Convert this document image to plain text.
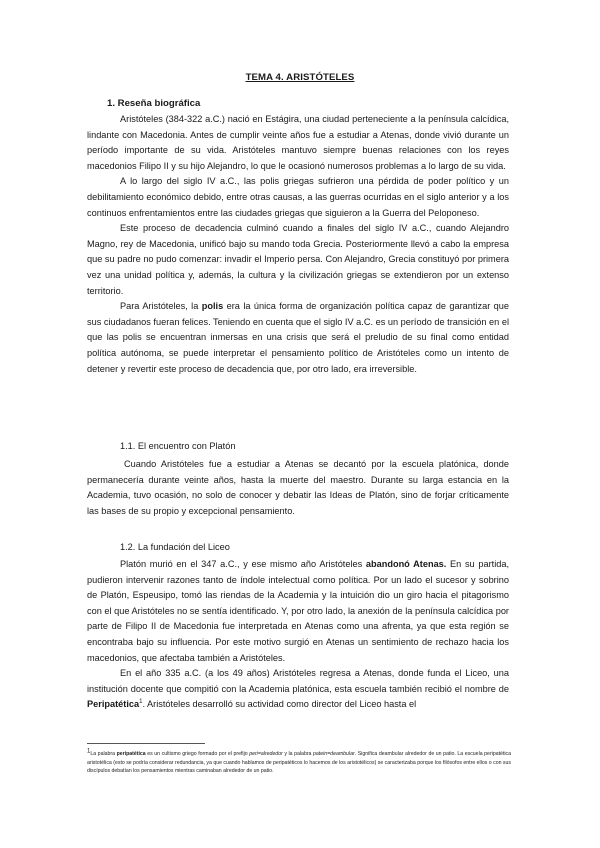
TEMA 4. ARISTÓTELES
1. Reseña biográfica

Aristóteles (384-322 a.C.) nació en Estágira, una ciudad perteneciente a la península calcídica, lindante con Macedonia. Antes de cumplir veinte años fue a estudiar a Atenas, donde vivió durante un período importante de su vida. Aristóteles mantuvo siempre buenas relaciones con los reyes macedonios Filipo II y su hijo Alejandro, lo que le ocasionó numerosos problemas a lo largo de su vida.

A lo largo del siglo IV a.C., las polis griegas sufrieron una pérdida de poder político y un debilitamiento económico debido, entre otras causas, a las guerras ocurridas en el siglo anterior y a los continuos enfrentamientos entre las ciudades griegas que siguieron a la Guerra del Peloponeso.

Este proceso de decadencia culminó cuando a finales del siglo IV a.C., cuando Alejandro Magno, rey de Macedonia, unificó bajo su mando toda Grecia. Posteriormente llevó a cabo la empresa que su padre no pudo comenzar: invadir el Imperio persa. Con Alejandro, Grecia constituyó por primera vez una unidad política y, además, la cultura y la civilización griegas se extendieron por un extenso territorio.

Para Aristóteles, la polis era la única forma de organización política capaz de garantizar que sus ciudadanos fueran felices. Teniendo en cuenta que el siglo IV a.C. es un período de transición en el que las polis se encuentran inmersas en una crisis que será el preludio de su final como entidad política autónoma, se puede interpretar el pensamiento político de Aristóteles como un intento de detener y revertir este proceso de decadencia que, por otro lado, era irreversible.

1.1. El encuentro con Platón

Cuando Aristóteles fue a estudiar a Atenas se decantó por la escuela platónica, donde permanecería durante veinte años, hasta la muerte del maestro. Durante su larga estancia en la Academia, tuvo ocasión, no solo de conocer y debatir las Ideas de Platón, sino de forjar críticamente las bases de su propio y excepcional pensamiento.

1.2. La fundación del Liceo

Platón murió en el 347 a.C., y ese mismo año Aristóteles abandonó Atenas. En su partida, pudieron intervenir razones tanto de índole intelectual como política. Por un lado el sucesor y sobrino de Platón, Espeusipo, tomó las riendas de la Academia y la intuición dio un giro hacia el pitagorismo con el que Aristóteles no se sentía identificado. Y, por otro lado, la anexión de la península calcídica por parte de Filipo II de Macedonia fue interpretada en Atenas como una afrenta, ya que esta región se encontraba bajo su influencia. Por este motivo surgió en Atenas un sentimiento de rechazo hacia los macedonios, que afectaba también a Aristóteles.

En el año 335 a.C. (a los 49 años) Aristóteles regresa a Atenas, donde funda el Liceo, una institución docente que compitió con la Academia platónica, esta escuela también recibió el nombre de Peripatética$^1$. Aristóteles desarrolló su actividad como director del Liceo hasta el

$^1$La palabra peripatética es un cultismo griego formado por el prefijo peri=alrededor y la palabra patein=deambular. Significa deambular alrededor de un patio. La escuela peripatética aristotélica (esto se podría considerar redundancia, ya que cuando hablamos de peripatéticos lo hacemos de los aristotélicos) se caracterizaba porque los filósofos entre ellos o con sus discípulos debatían los pensamientos mientras caminaban alrededor de un patio.
